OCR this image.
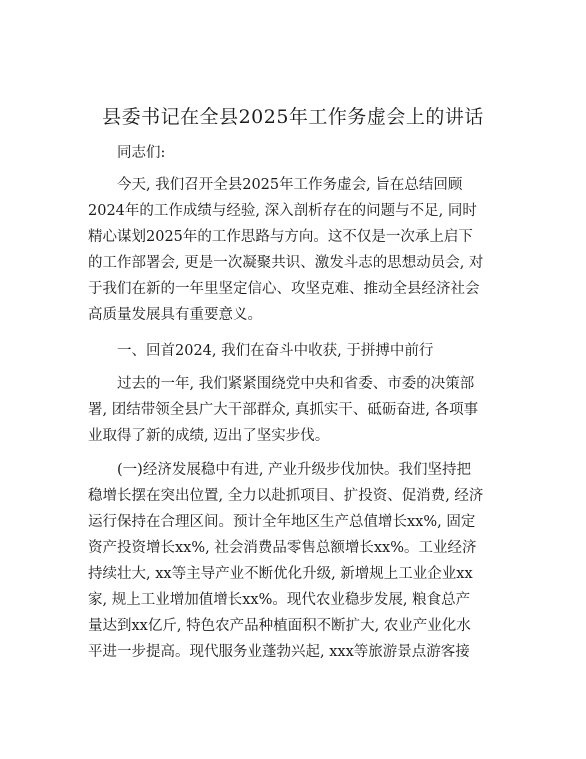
县委书记在全县2025年工作务虚会上的讲话

同志们:

今天, 我们召开全县2025年工作务虚会, 旨在总结回顾

2024年的工作成绩与经验, 深入剖析存在的问题与不足, 同时

精心谋划2025年的工作思路与方向。这不仅是一次承上启下

的工作部署会, 更是一次凝聚共识、激发斗志的思想动员会, 对

于我们在新的一年里坚定信心、攻坚克难、推动全县经济社会

高质量发展具有重要意义。

一、回首2024, 我们在奋斗中收获, 于拼搏中前行

过去的一年, 我们紧紧围绕党中央和省委、市委的决策部

署, 团结带领全县广大干部群众, 真抓实干、砥砺奋进, 各项事

业取得了新的成绩, 迈出了坚实步伐。

(一)经济发展稳中有进, 产业升级步伐加快。我们坚持把

稳增长摆在突出位置, 全力以赴抓项目、扩投资、促消费, 经济

运行保持在合理区间。预计全年地区生产总值增长xx%, 固定

资产投资增长xx%, 社会消费品零售总额增长xx%。工业经济

持续壮大, xx等主导产业不断优化升级, 新增规上工业企业xx

家, 规上工业增加值增长xx%。现代农业稳步发展, 粮食总产

量达到xx亿斤, 特色农产品种植面积不断扩大, 农业产业化水

平进一步提高。现代服务业蓬勃兴起, xxx等旅游景点游客接
